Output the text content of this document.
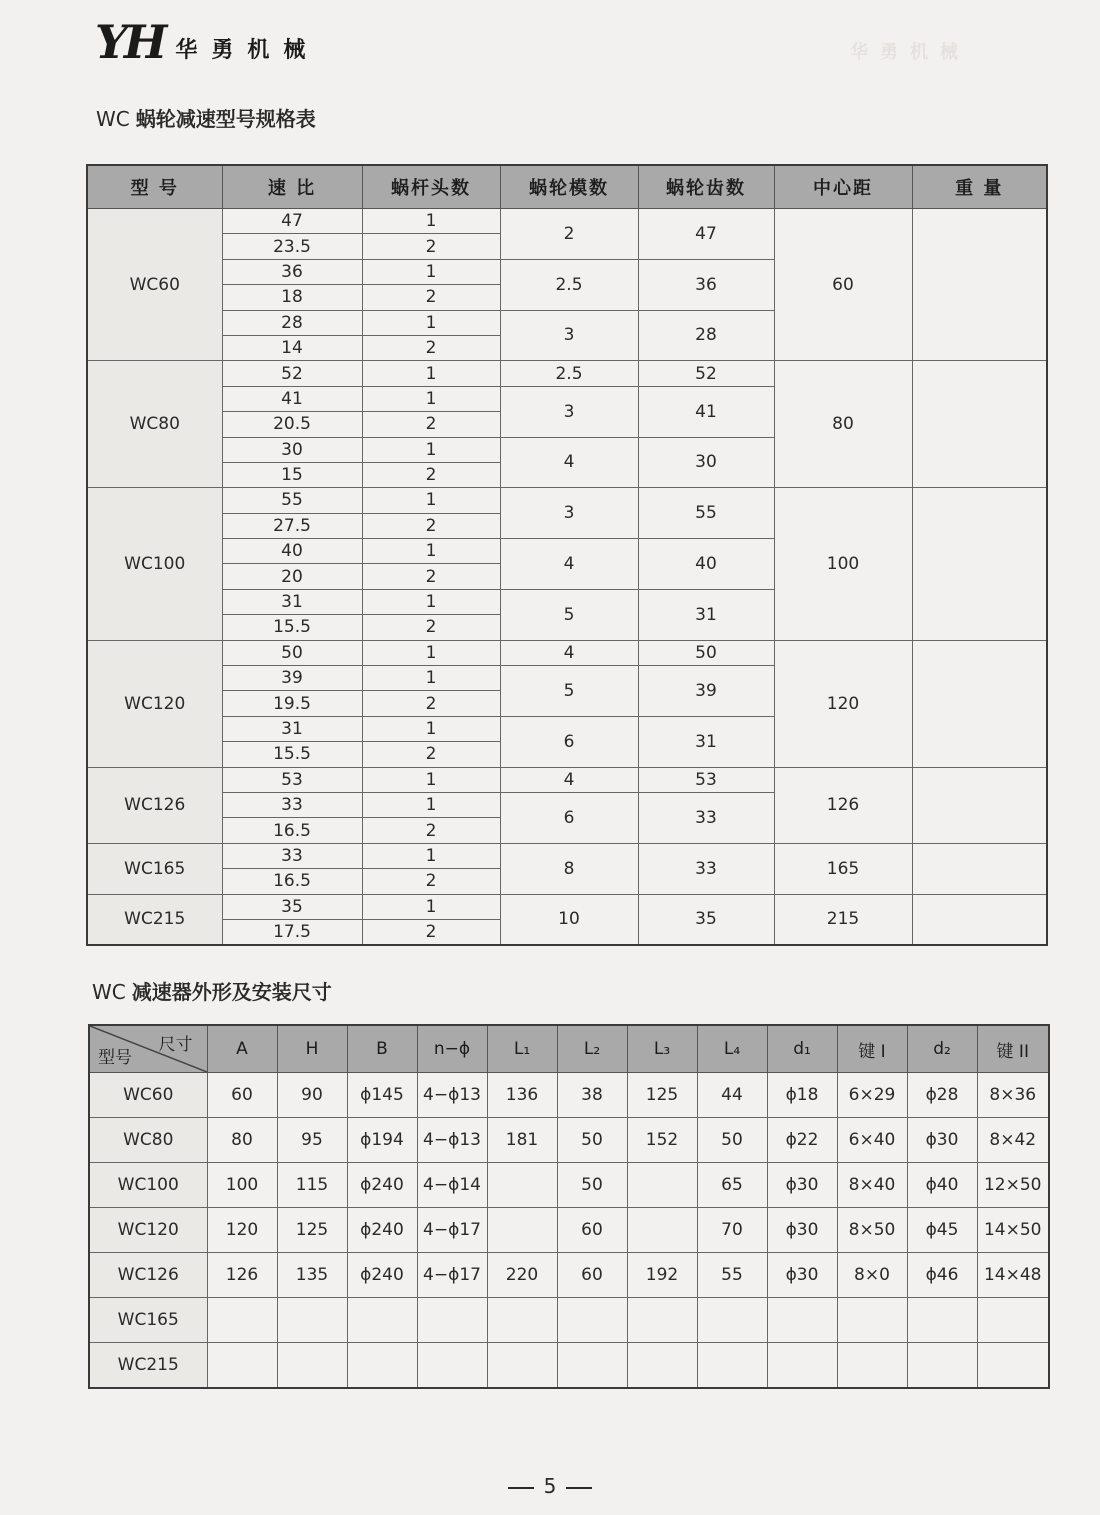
YH 华勇机械	华勇机械
WC 蜗轮减速型号规格表
型 号	速 比	蜗杆头数	蜗轮模数	蜗轮齿数	中心距	重 量
WC60	47	1	2	47	60	
	23.5	2				
	36	1	2.5	36		
	18	2				
	28	1	3	28		
	14	2				
WC80	52	1	2.5	52	80	
	41	1	3	41		
	20.5	2				
	30	1	4	30		
	15	2				
WC100	55	1	3	55	100	
	27.5	2				
	40	1	4	40		
	20	2				
	31	1	5	31		
	15.5	2				
WC120	50	1	4	50	120	
	39	1	5	39		
	19.5	2				
	31	1	6	31		
	15.5	2				
WC126	53	1	4	53	126	
	33	1	6	33		
	16.5	2				
WC165	33	1	8	33	165	
	16.5	2				
WC215	35	1	10	35	215	
	17.5	2				
WC 减速器外形及安装尺寸
尺寸
型号	A	H	B	n−ϕ	L₁	L₂	L₃	L₄	d₁	键 I	d₂	键 II
WC60	60	90	ϕ145	4−ϕ13	136	38	125	44	ϕ18	6×29	ϕ28	8×36
WC80	80	95	ϕ194	4−ϕ13	181	50	152	50	ϕ22	6×40	ϕ30	8×42
WC100	100	115	ϕ240	4−ϕ14		50		65	ϕ30	8×40	ϕ40	12×50
WC120	120	125	ϕ240	4−ϕ17		60		70	ϕ30	8×50	ϕ45	14×50
WC126	126	135	ϕ240	4−ϕ17	220	60	192	55	ϕ30	8×0	ϕ46	14×48
WC165												
WC215												
5
